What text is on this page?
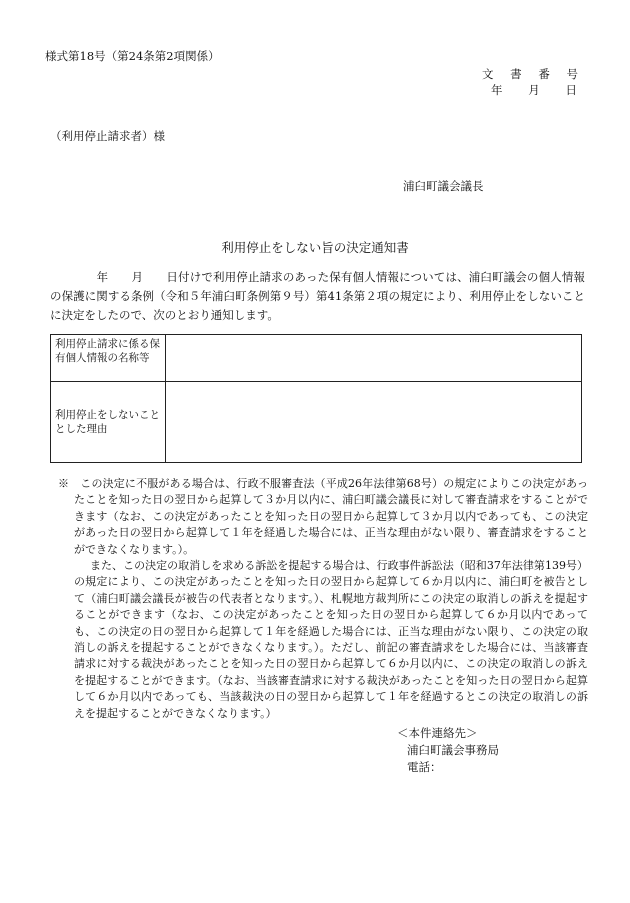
様式第18号（第24条第2項関係）
文 書 番 号
年 月 日
（利用停止請求者）様
浦臼町議会議長
利用停止をしない旨の決定通知書
　　　　年　　月　　日付けで利用停止請求のあった保有個人情報については、浦臼町議会の個人情報の保護に関する条例（令和５年浦臼町条例第９号）第41条第２項の規定により、利用停止をしないことに決定をしたので、次のとおり通知します。
利用停止請求に係る保有個人情報の名称等	
利用停止をしないこととした理由	

※　この決定に不服がある場合は、行政不服審査法（平成26年法律第68号）の規定によりこの決定があったことを知った日の翌日から起算して３か月以内に、浦臼町議会議長に対して審査請求をすることができます（なお、この決定があったことを知った日の翌日から起算して３か月以内であっても、この決定があった日の翌日から起算して１年を経過した場合には、正当な理由がない限り、審査請求をすることができなくなります。）。

また、この決定の取消しを求める訴訟を提起する場合は、行政事件訴訟法（昭和37年法律第139号）の規定により、この決定があったことを知った日の翌日から起算して６か月以内に、浦臼町を被告として（浦臼町議会議長が被告の代表者となります。）、札幌地方裁判所にこの決定の取消しの訴えを提起することができます（なお、この決定があったことを知った日の翌日から起算して６か月以内であっても、この決定の日の翌日から起算して１年を経過した場合には、正当な理由がない限り、この決定の取消しの訴えを提起することができなくなります。）。ただし、前記の審査請求をした場合には、当該審査請求に対する裁決があったことを知った日の翌日から起算して６か月以内に、この決定の取消しの訴えを提起することができます。（なお、当該審査請求に対する裁決があったことを知った日の翌日から起算して６か月以内であっても、当該裁決の日の翌日から起算して１年を経過するとこの決定の取消しの訴えを提起することができなくなります。）

＜本件連絡先＞
浦臼町議会事務局
電話：
